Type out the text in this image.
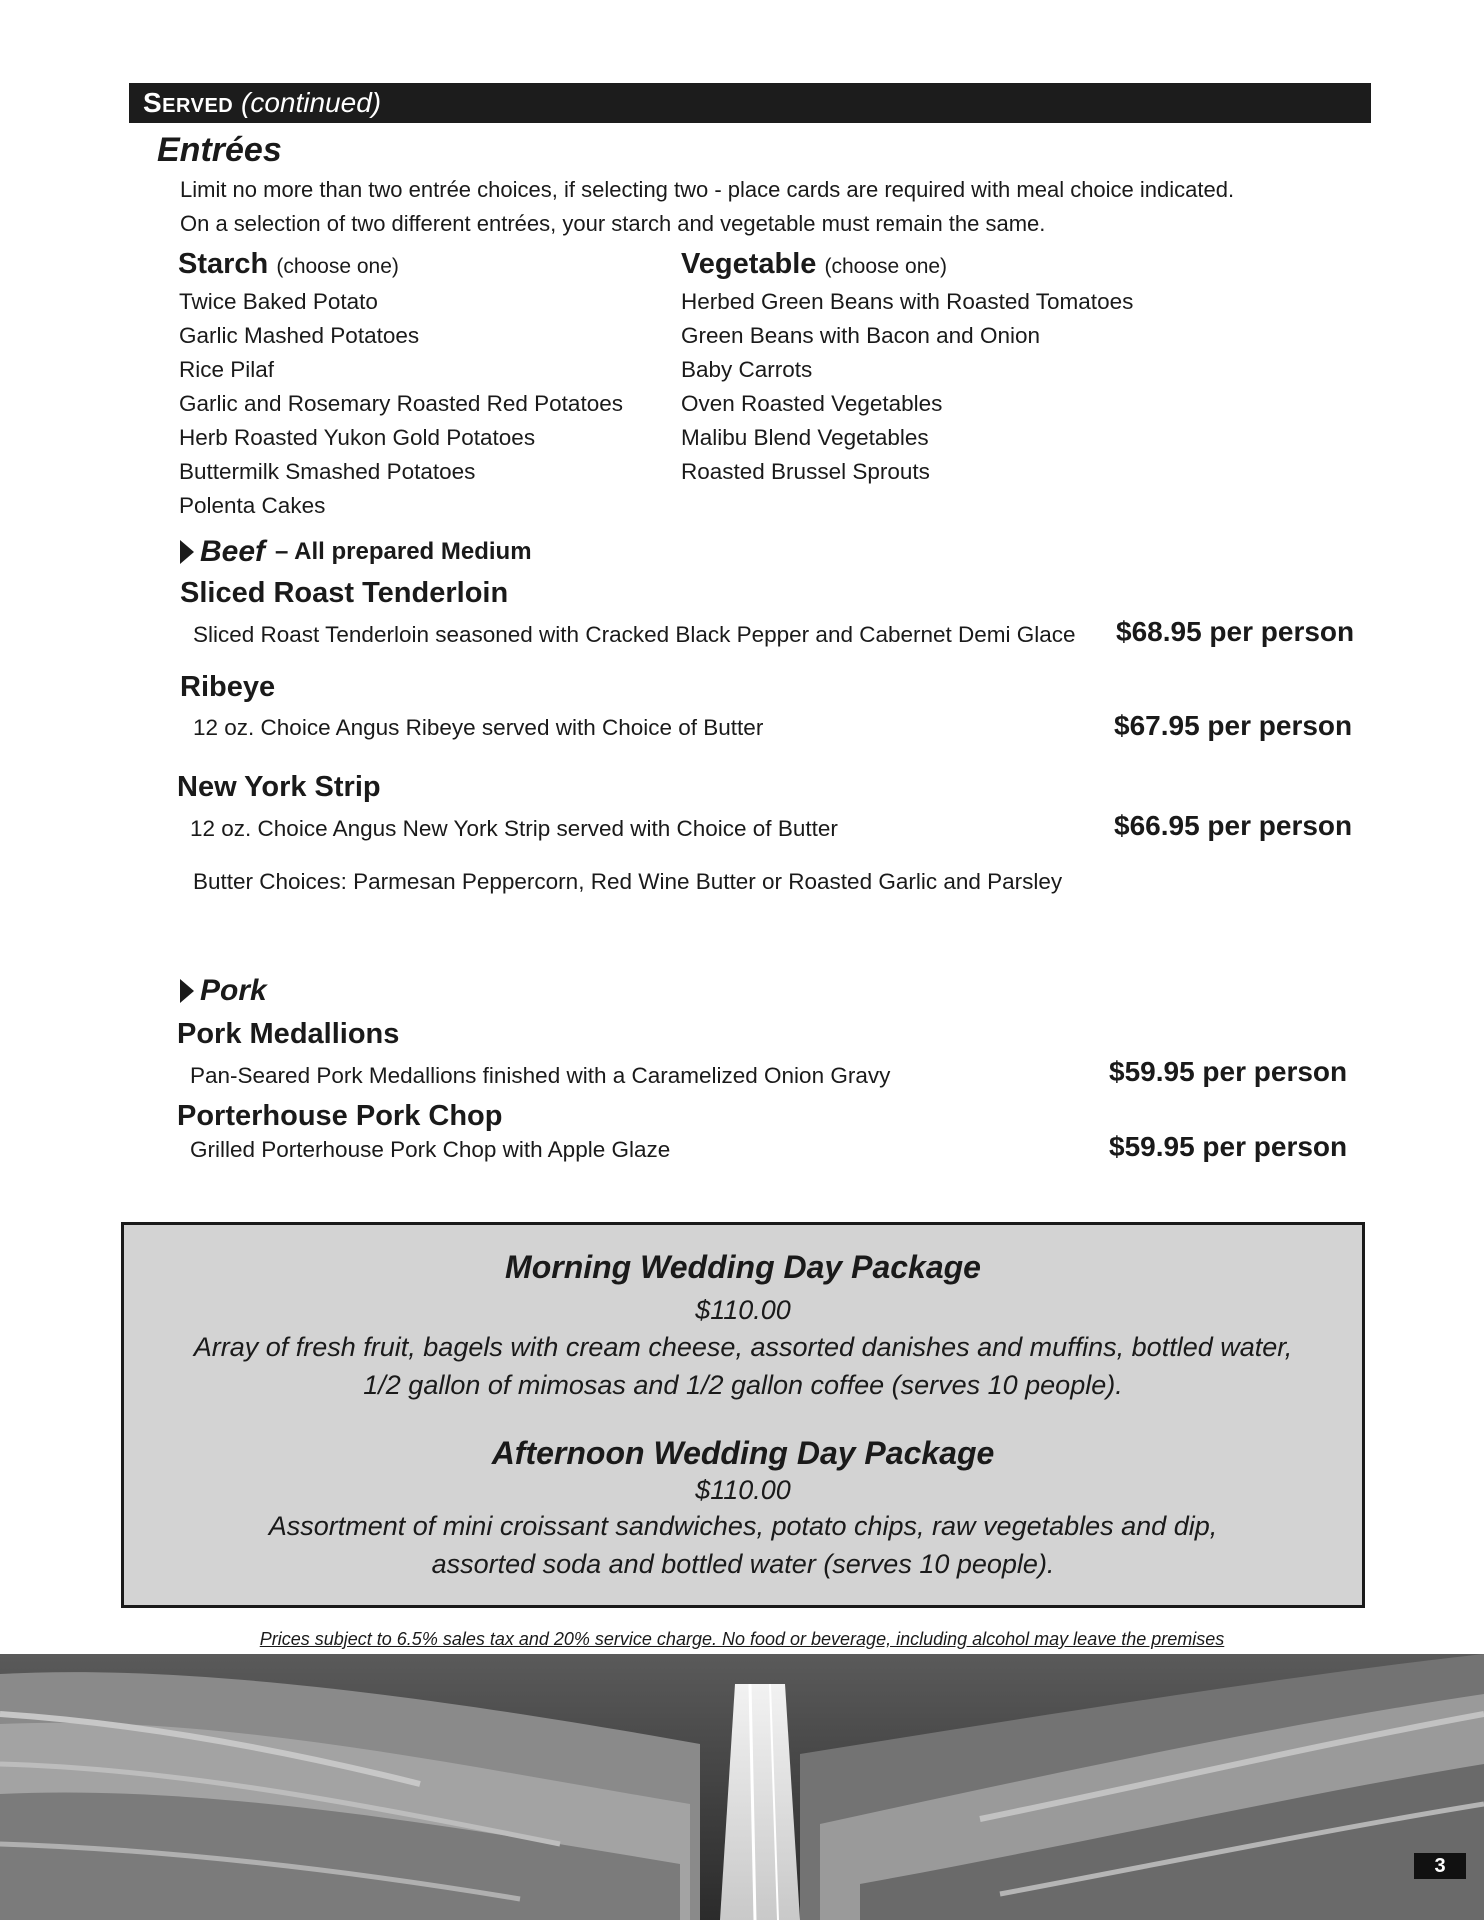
Served (continued)
Entrées
Limit no more than two entrée choices, if selecting two - place cards are required with meal choice indicated.
On a selection of two different entrées, your starch and vegetable must remain the same.
Starch (choose one)
Twice Baked Potato
Garlic Mashed Potatoes
Rice Pilaf
Garlic and Rosemary Roasted Red Potatoes
Herb Roasted Yukon Gold Potatoes
Buttermilk Smashed Potatoes
Polenta Cakes
Vegetable (choose one)
Herbed Green Beans with Roasted Tomatoes
Green Beans with Bacon and Onion
Baby Carrots
Oven Roasted Vegetables
Malibu Blend Vegetables
Roasted Brussel Sprouts
Beef – All prepared Medium
Sliced Roast Tenderloin
Sliced Roast Tenderloin seasoned with Cracked Black Pepper and Cabernet Demi Glace $68.95 per person
Ribeye
12 oz. Choice Angus Ribeye served with Choice of Butter	$67.95 per person
New York Strip
12 oz. Choice Angus New York Strip served with Choice of Butter	$66.95 per person
Butter Choices: Parmesan Peppercorn, Red Wine Butter or Roasted Garlic and Parsley
Pork
Pork Medallions
Pan-Seared Pork Medallions finished with a Caramelized Onion Gravy	$59.95 per person
Porterhouse Pork Chop
Grilled Porterhouse Pork Chop with Apple Glaze	$59.95 per person
Morning Wedding Day Package
$110.00
Array of fresh fruit, bagels with cream cheese, assorted danishes and muffins, bottled water,
1/2 gallon of mimosas and 1/2 gallon coffee (serves 10 people).
Afternoon Wedding Day Package
$110.00
Assortment of mini croissant sandwiches, potato chips, raw vegetables and dip,
assorted soda and bottled water (serves 10 people).
Prices subject to 6.5% sales tax and 20% service charge. No food or beverage, including alcohol may leave the premises
3
